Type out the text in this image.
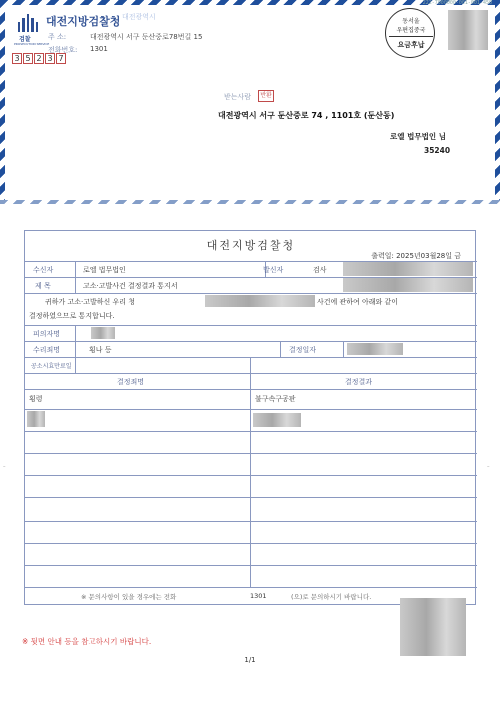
222-7000000-001-001-450
검찰
PROSECUTION SERVICE
대전지방검찰청 대전광역시
주 소:	대전광역시 서구 둔산중로78번길 15
전화번호: 1301
3 5 2 3 7
동서울
우편집중국
요금후납
받는사람	반환
대전광역시 서구 둔산중로 74 , 1101호 (둔산동)
로엘 법무법인 님
35240
대전지방검찰청
출력일: 2025년03월28일 금
수신자	로엘 법무법인	발신자	검사
제 목	고소·고발사건 결정결과 통지서
귀하가 고소·고발하신 우리 청	사건에 관하여 아래와 같이
결정하였으므로 통지합니다.
피의자명
수리죄명	횡나 등	결정일자
공소시효만료일
결정죄명	결정결과
횡령	불구속구공판
※ 문의사항이 있을 경우에는 전화	1301	(으)로 문의하시기 바랍니다.
–	–
※ 뒷면 안내 등을 참고하시기 바랍니다.
1/1
